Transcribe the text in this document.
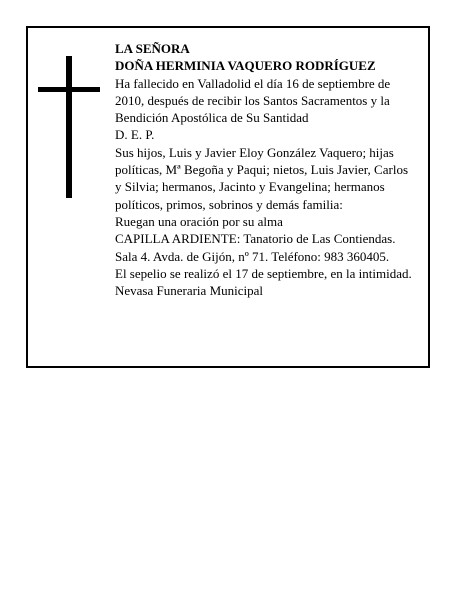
LA SEÑORA

DOÑA HERMINIA VAQUERO RODRÍGUEZ

Ha fallecido en Valladolid el día 16 de septiembre de 2010, después de recibir los Santos Sacramentos y la Bendición Apostólica de Su Santidad

D. E. P.

Sus hijos, Luis y Javier Eloy González Vaquero; hijas políticas, Mª Begoña y Paqui; nietos, Luis Javier, Carlos y Silvia; hermanos, Jacinto y Evangelina; hermanos políticos, primos, sobrinos y demás familia:

Ruegan una oración por su alma

CAPILLA ARDIENTE: Tanatorio de Las Contiendas. Sala 4. Avda. de Gijón, nº 71. Teléfono: 983 360405.

El sepelio se realizó el 17 de septiembre, en la intimidad.

Nevasa Funeraria Municipal
